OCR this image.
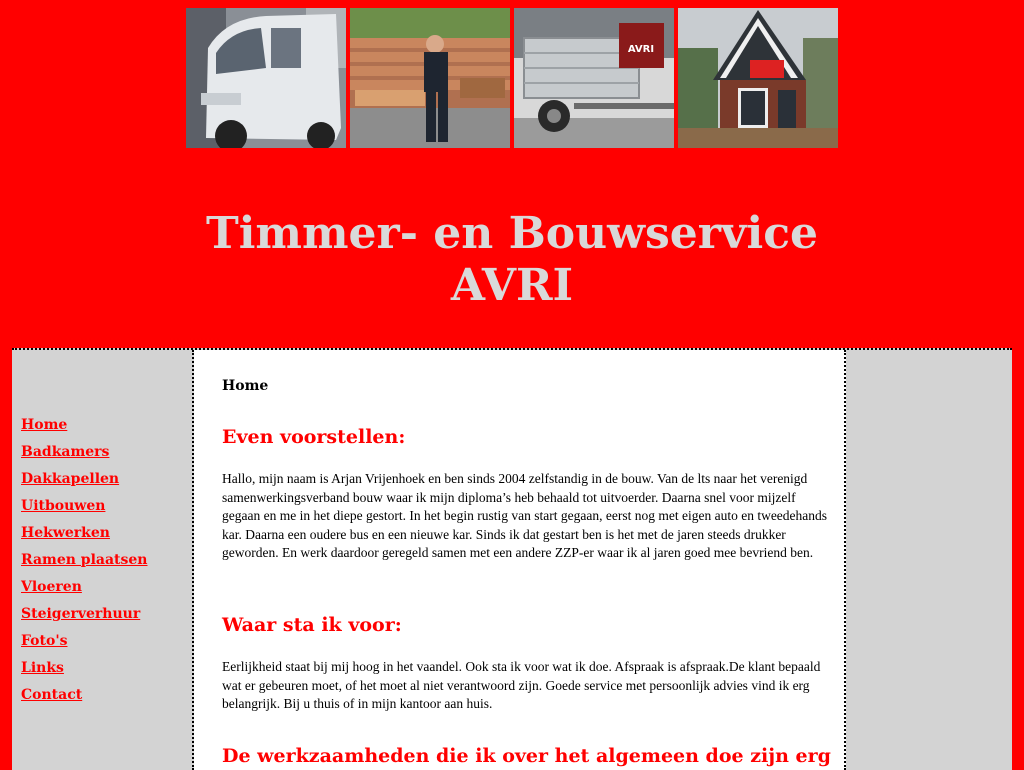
AVRI
Timmer- en Bouwservice
AVRI
Home
Badkamers
Dakkapellen
Uitbouwen
Hekwerken
Ramen plaatsen
Vloeren
Steigerverhuur
Foto's
Links
Contact
Home
Even voorstellen:

Hallo, mijn naam is Arjan Vrijenhoek en ben sinds 2004 zelfstandig in de bouw. Van de lts naar het verenigd samenwerkingsverband bouw waar ik mijn diploma’s heb behaald tot uitvoerder. Daarna snel voor mijzelf gegaan en me in het diepe gestort. In het begin rustig van start gegaan, eerst nog met eigen auto en tweedehands kar. Daarna een oudere bus en een nieuwe kar. Sinds ik dat gestart ben is het met de jaren steeds drukker geworden. En werk daardoor geregeld samen met een andere ZZP-er waar ik al jaren goed mee bevriend ben.

Waar sta ik voor:

Eerlijkheid staat bij mij hoog in het vaandel. Ook sta ik voor wat ik doe. Afspraak is afspraak.De klant bepaald wat er gebeuren moet, of het moet al niet verantwoord zijn. Goede service met persoonlijk advies vind ik erg belangrijk. Bij u thuis of in mijn kantoor aan huis.

De werkzaamheden die ik over het algemeen doe zijn erg
